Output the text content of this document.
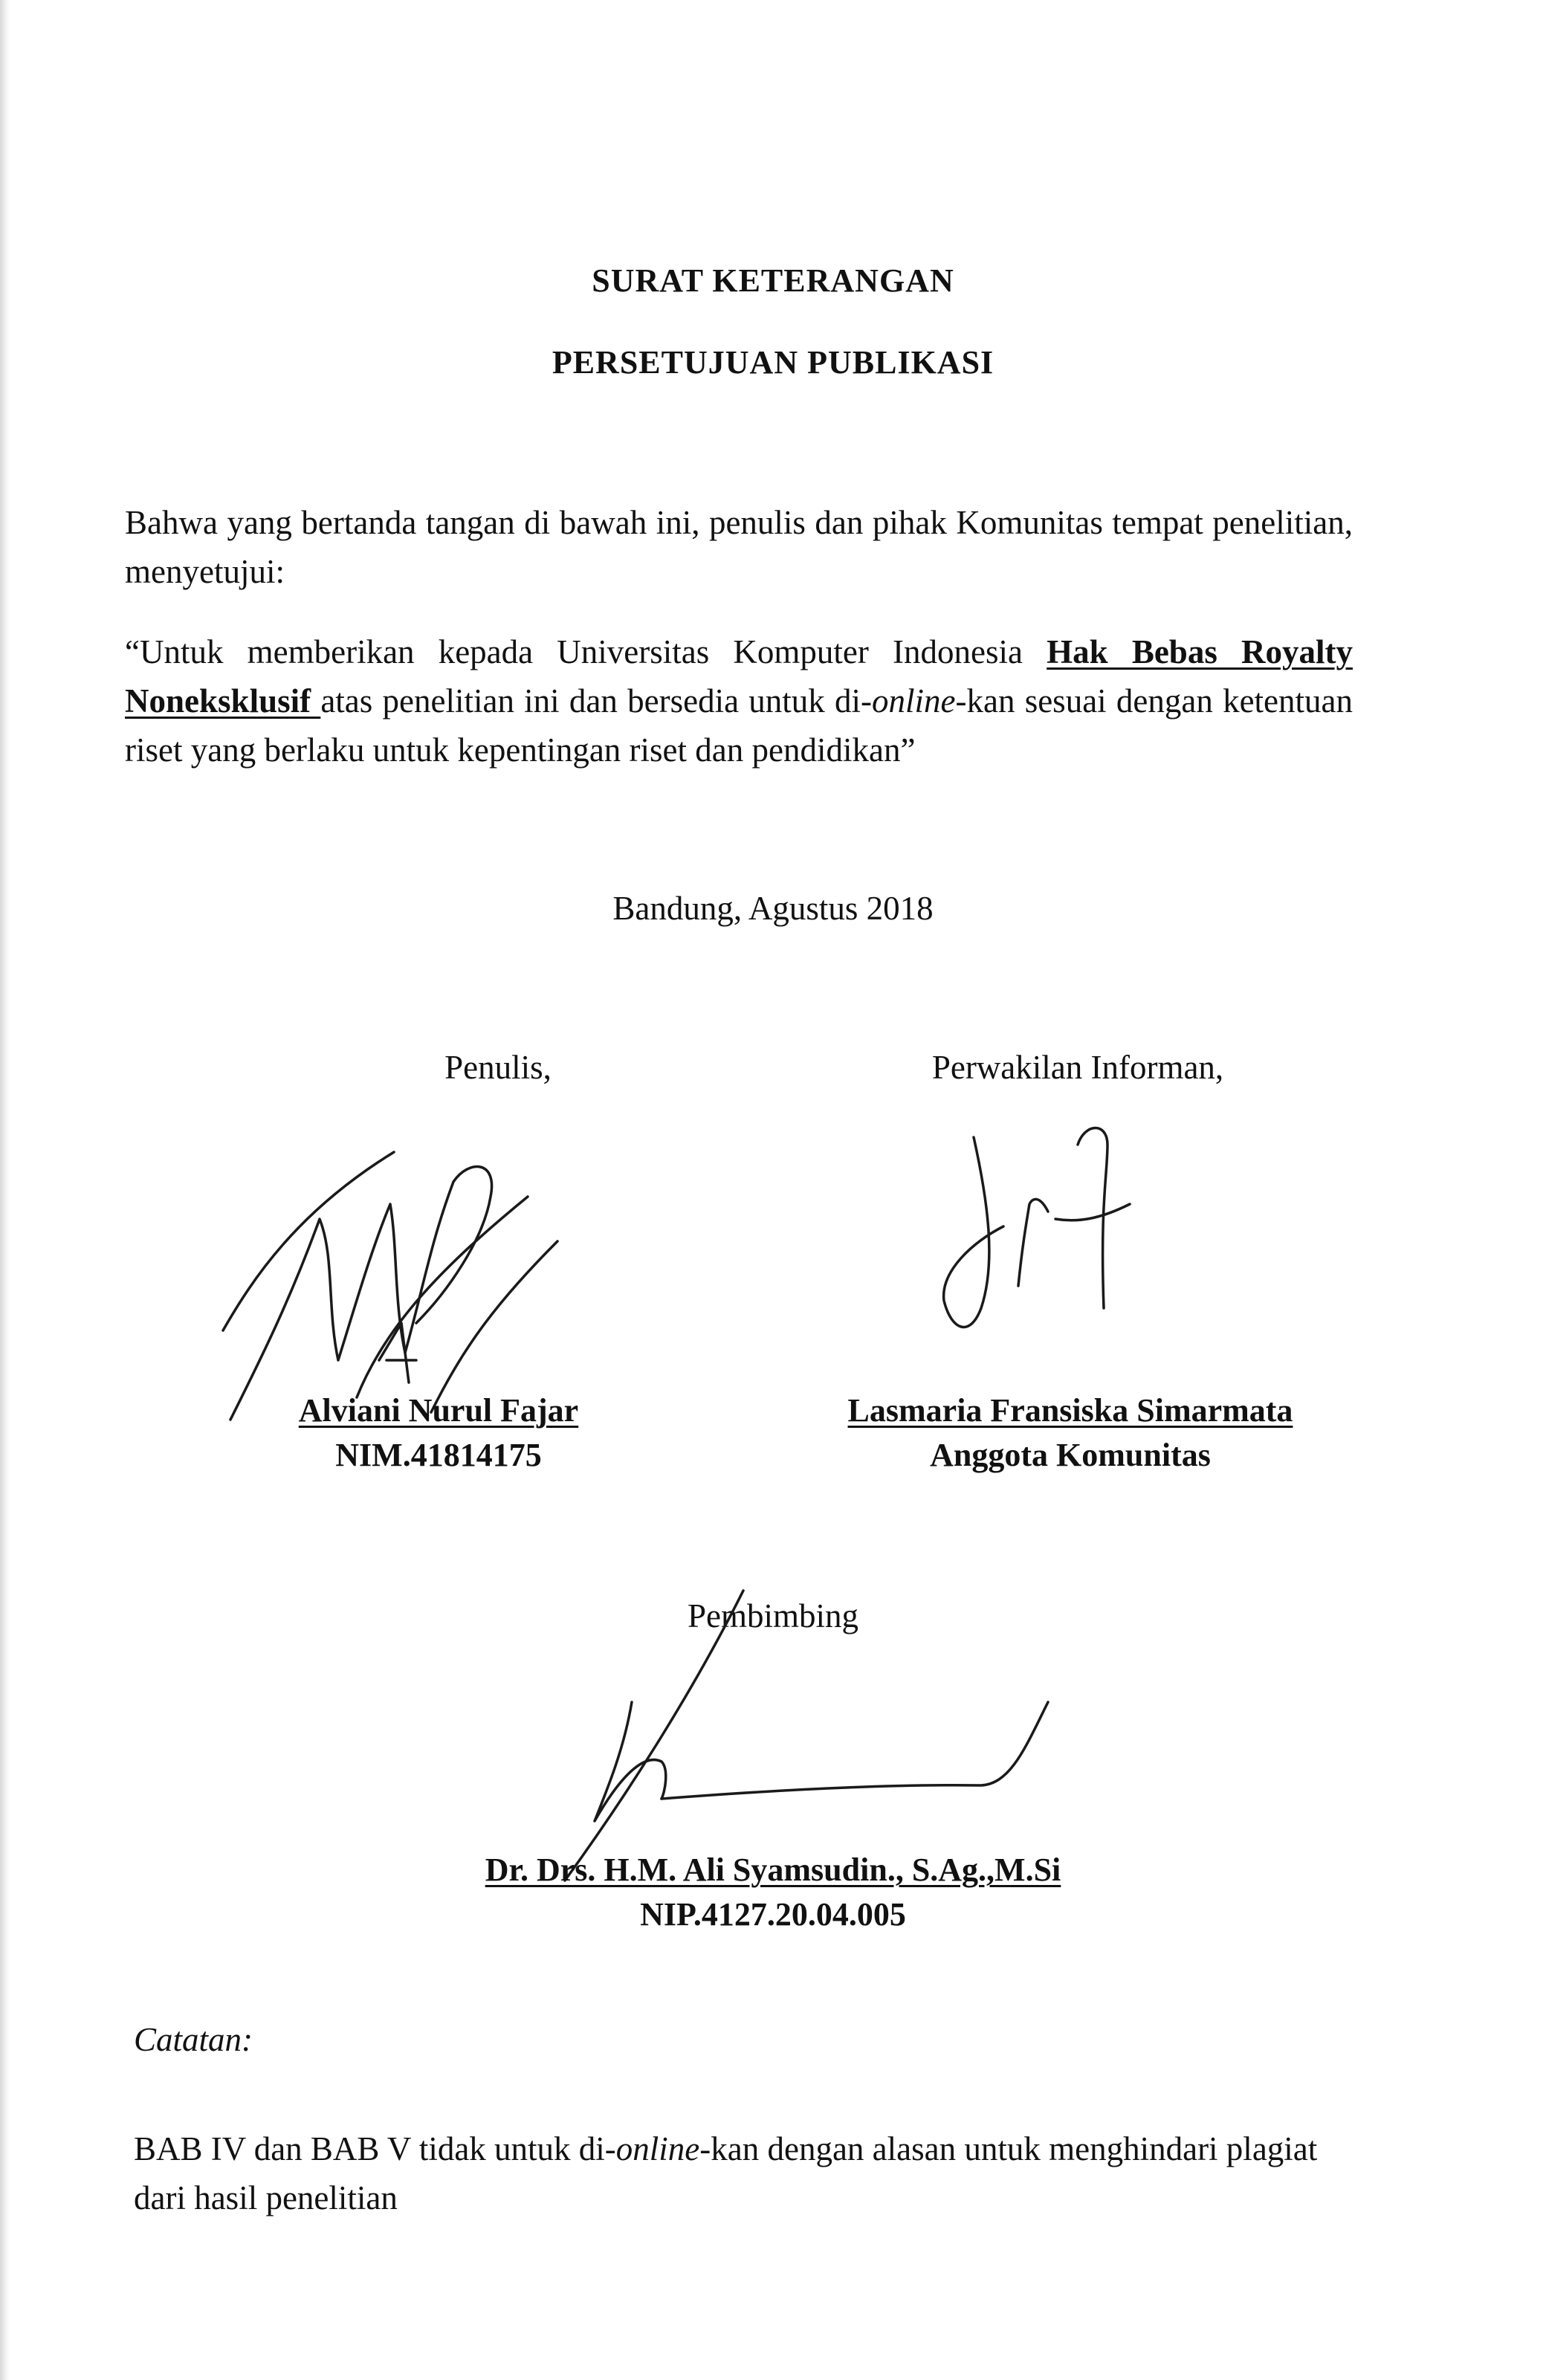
SURAT KETERANGAN
PERSETUJUAN PUBLIKASI
Bahwa yang bertanda tangan di bawah ini, penulis dan pihak Komunitas tempat penelitian, menyetujui:
“Untuk memberikan kepada Universitas Komputer Indonesia Hak Bebas Royalty Noneksklusif atas penelitian ini dan bersedia untuk di-online-kan sesuai dengan ketentuan riset yang berlaku untuk kepentingan riset dan pendidikan”
Bandung, Agustus 2018
Penulis,
Alviani Nurul Fajar
NIM.41814175
Perwakilan Informan,
Lasmaria Fransiska Simarmata
Anggota Komunitas
Pembimbing
Dr. Drs. H.M. Ali Syamsudin., S.Ag.,M.Si
NIP.4127.20.04.005
Catatan:
BAB IV dan BAB V tidak untuk di-online-kan dengan alasan untuk menghindari plagiat dari hasil penelitian
